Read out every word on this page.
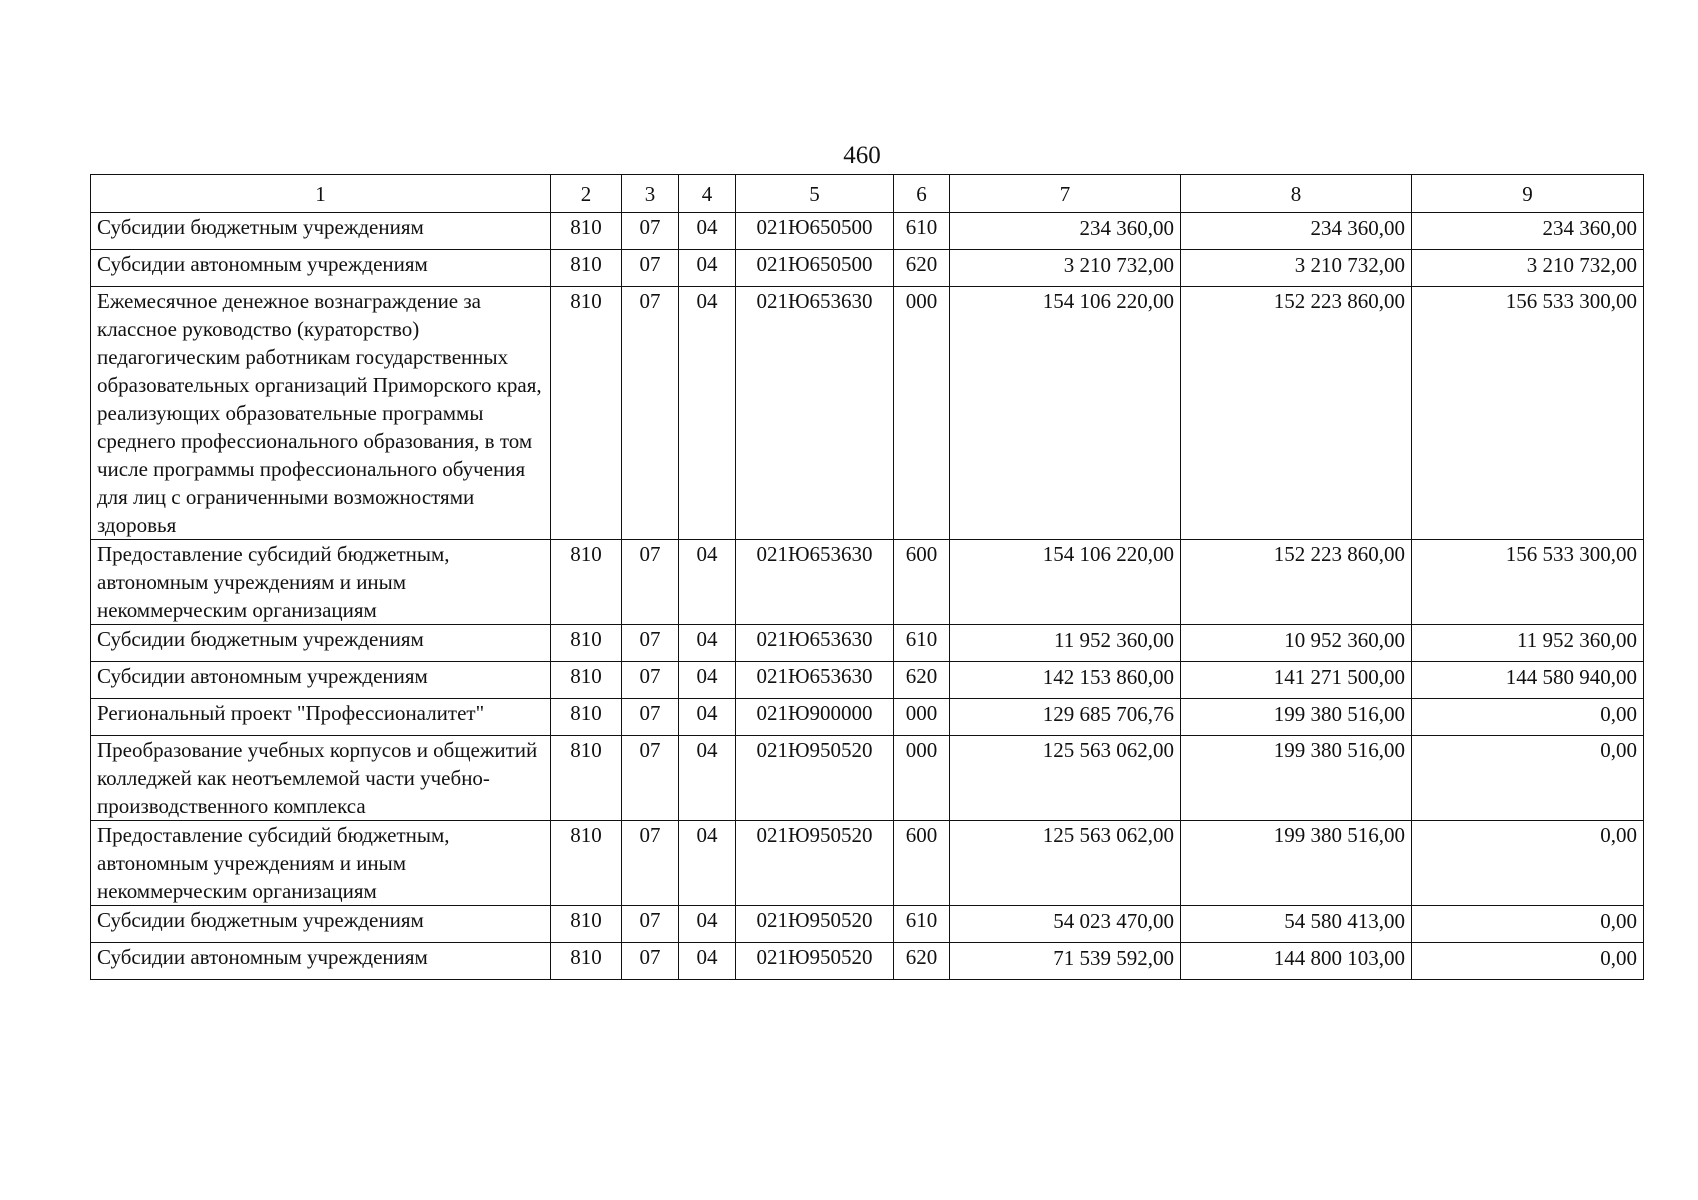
460
1	2	3	4	5	6	7	8	9
Субсидии бюджетным учреждениям	810	07	04	021Ю650500	610	234 360,00	234 360,00	234 360,00
Субсидии автономным учреждениям	810	07	04	021Ю650500	620	3 210 732,00	3 210 732,00	3 210 732,00
Ежемесячное денежное вознаграждение за классное руководство (кураторство) педагогическим работникам государственных образовательных организаций Приморского края, реализующих образовательные программы среднего профессионального образования, в том числе программы профессионального обучения для лиц с ограниченными возможностями здоровья	810	07	04	021Ю653630	000	154 106 220,00	152 223 860,00	156 533 300,00
Предоставление субсидий бюджетным, автономным учреждениям и иным некоммерческим организациям	810	07	04	021Ю653630	600	154 106 220,00	152 223 860,00	156 533 300,00
Субсидии бюджетным учреждениям	810	07	04	021Ю653630	610	11 952 360,00	10 952 360,00	11 952 360,00
Субсидии автономным учреждениям	810	07	04	021Ю653630	620	142 153 860,00	141 271 500,00	144 580 940,00
Региональный проект "Профессионалитет"	810	07	04	021Ю900000	000	129 685 706,76	199 380 516,00	0,00
Преобразование учебных корпусов и общежитий колледжей как неотъемлемой части учебно-производственного комплекса	810	07	04	021Ю950520	000	125 563 062,00	199 380 516,00	0,00
Предоставление субсидий бюджетным, автономным учреждениям и иным некоммерческим организациям	810	07	04	021Ю950520	600	125 563 062,00	199 380 516,00	0,00
Субсидии бюджетным учреждениям	810	07	04	021Ю950520	610	54 023 470,00	54 580 413,00	0,00
Субсидии автономным учреждениям	810	07	04	021Ю950520	620	71 539 592,00	144 800 103,00	0,00
